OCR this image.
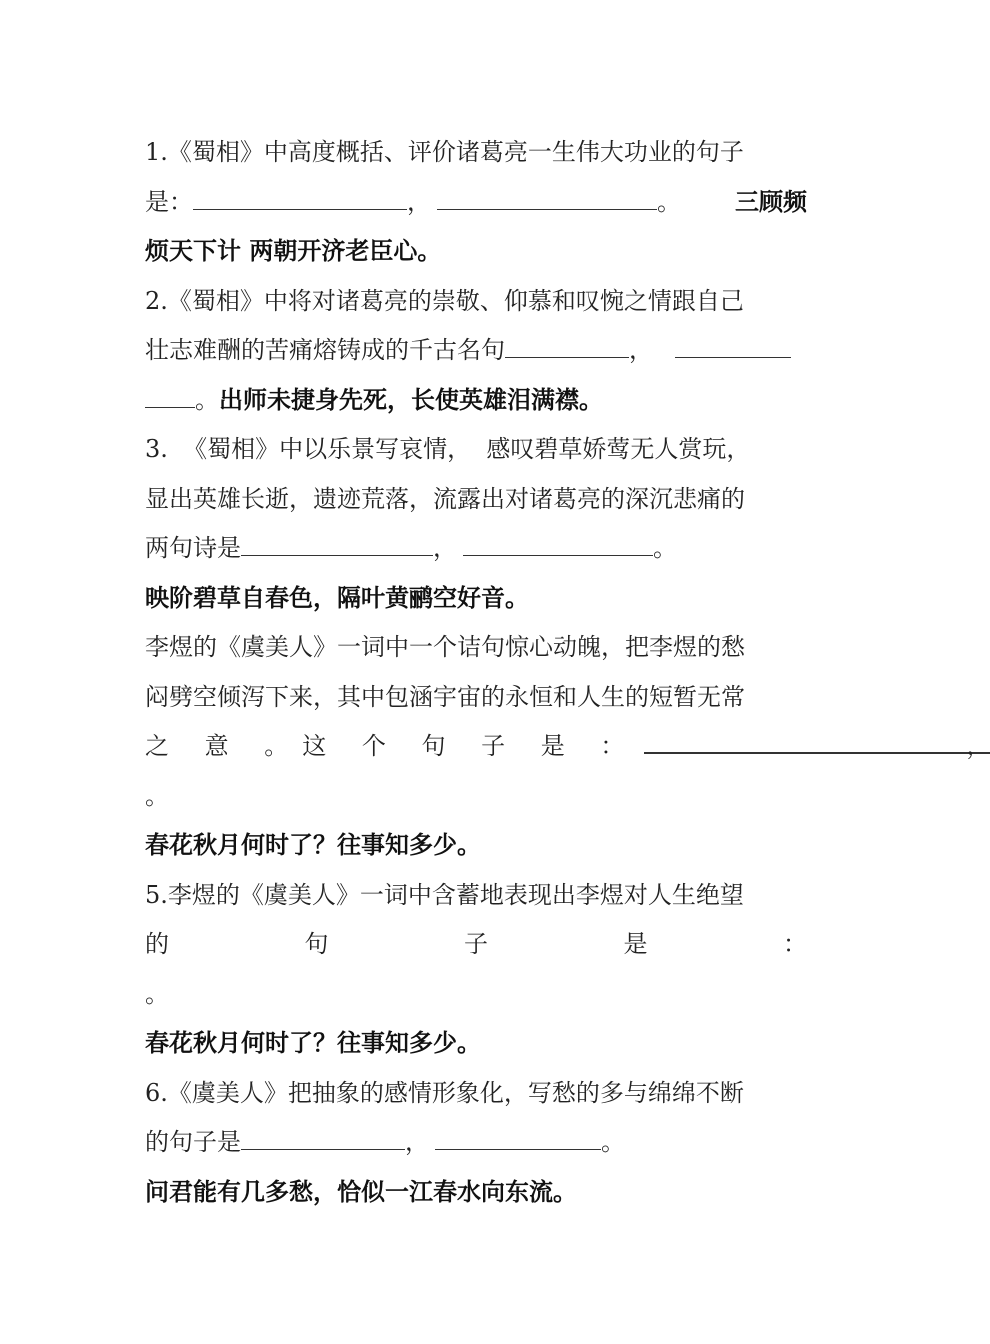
1.《蜀相》中高度概括、评价诸葛亮一生伟大功业的句子
是：	，	。 三顾频
烦天下计 两朝开济老臣心。
2.《蜀相》中将对诸葛亮的崇敬、仰慕和叹惋之情跟自己
壮志难酬的苦痛熔铸成的千古名句	，
。出师未捷身先死，长使英雄泪满襟。
3.  《蜀相》中以乐景写哀情，  感叹碧草娇莺无人赏玩，
显出英雄长逝，遗迹荒落，流露出对诸葛亮的深沉悲痛的
两句诗是	，	。
映阶碧草自春色，隔叶黄鹂空好音。
李煜的《虞美人》一词中一个诘句惊心动魄，把李煜的愁
闷劈空倾泻下来，其中包涵宇宙的永恒和人生的短暂无常
之 意 。这 个 句 子 是 ：	，
。
春花秋月何时了？往事知多少。
5.李煜的《虞美人》一词中含蓄地表现出李煜对人生绝望
的	句	子	是	：
。
春花秋月何时了？往事知多少。
6.《虞美人》把抽象的感情形象化，写愁的多与绵绵不断
的句子是	，	。
问君能有几多愁，恰似一江春水向东流。
